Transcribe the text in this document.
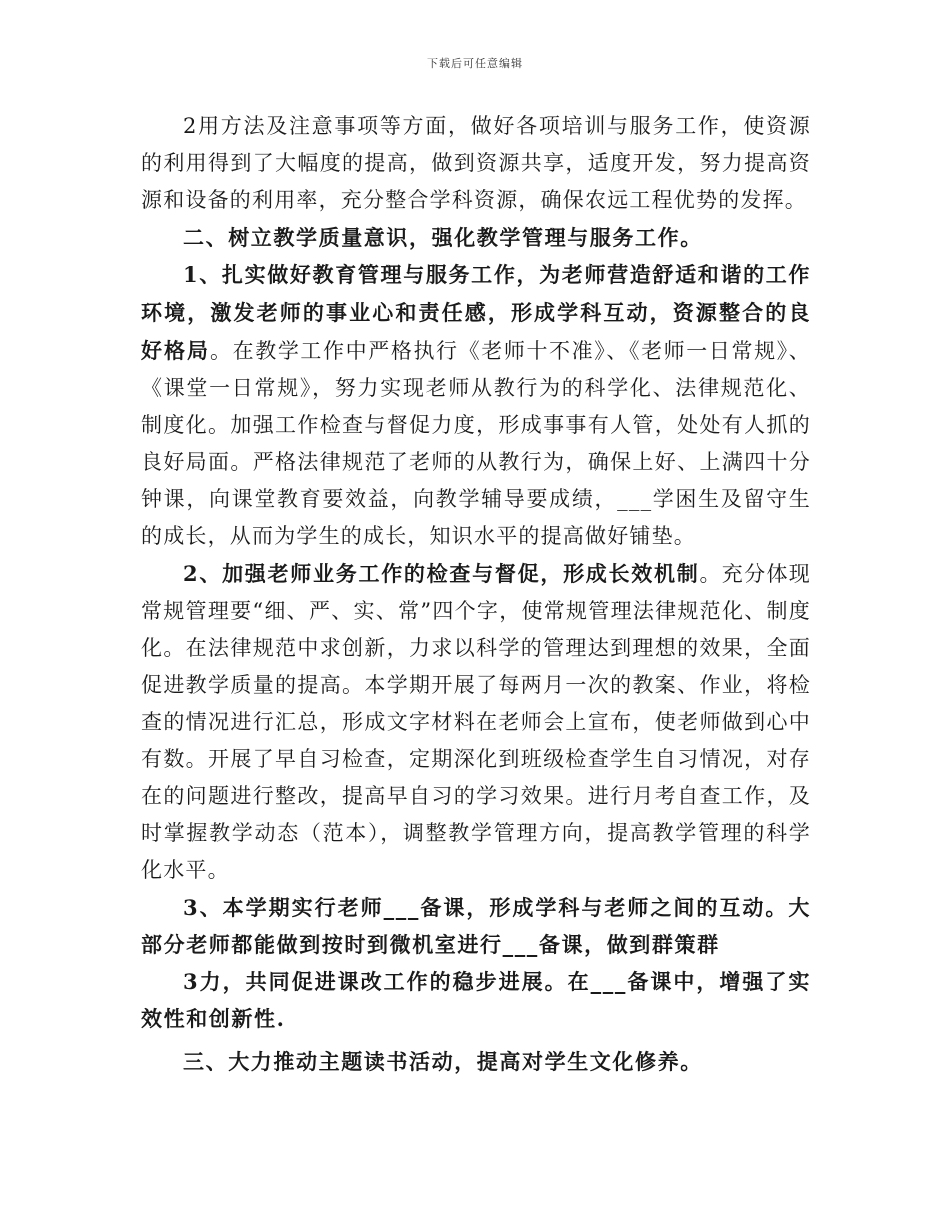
下载后可任意编辑

2用方法及注意事项等方面，做好各项培训与服务工作，使资源的利用得到了大幅度的提高，做到资源共享，适度开发，努力提高资源和设备的利用率，充分整合学科资源，确保农远工程优势的发挥。

二、树立教学质量意识，强化教学管理与服务工作。

1、扎实做好教育管理与服务工作，为老师营造舒适和谐的工作环境，激发老师的事业心和责任感，形成学科互动，资源整合的良好格局。在教学工作中严格执行《老师十不准》、《老师一日常规》、《课堂一日常规》，努力实现老师从教行为的科学化、法律规范化、制度化。加强工作检查与督促力度，形成事事有人管，处处有人抓的良好局面。严格法律规范了老师的从教行为，确保上好、上满四十分钟课，向课堂教育要效益，向教学辅导要成绩，___学困生及留守生的成长，从而为学生的成长，知识水平的提高做好铺垫。

2、加强老师业务工作的检查与督促，形成长效机制。充分体现常规管理要“细、严、实、常”四个字，使常规管理法律规范化、制度化。在法律规范中求创新，力求以科学的管理达到理想的效果，全面促进教学质量的提高。本学期开展了每两月一次的教案、作业，将检查的情况进行汇总，形成文字材料在老师会上宣布，使老师做到心中有数。开展了早自习检查，定期深化到班级检查学生自习情况，对存在的问题进行整改，提高早自习的学习效果。进行月考自查工作，及时掌握教学动态（范本），调整教学管理方向，提高教学管理的科学化水平。

3、本学期实行老师___备课，形成学科与老师之间的互动。大部分老师都能做到按时到微机室进行___备课，做到群策群

3力，共同促进课改工作的稳步进展。在___备课中，增强了实效性和创新性.

三、大力推动主题读书活动，提高对学生文化修养。
